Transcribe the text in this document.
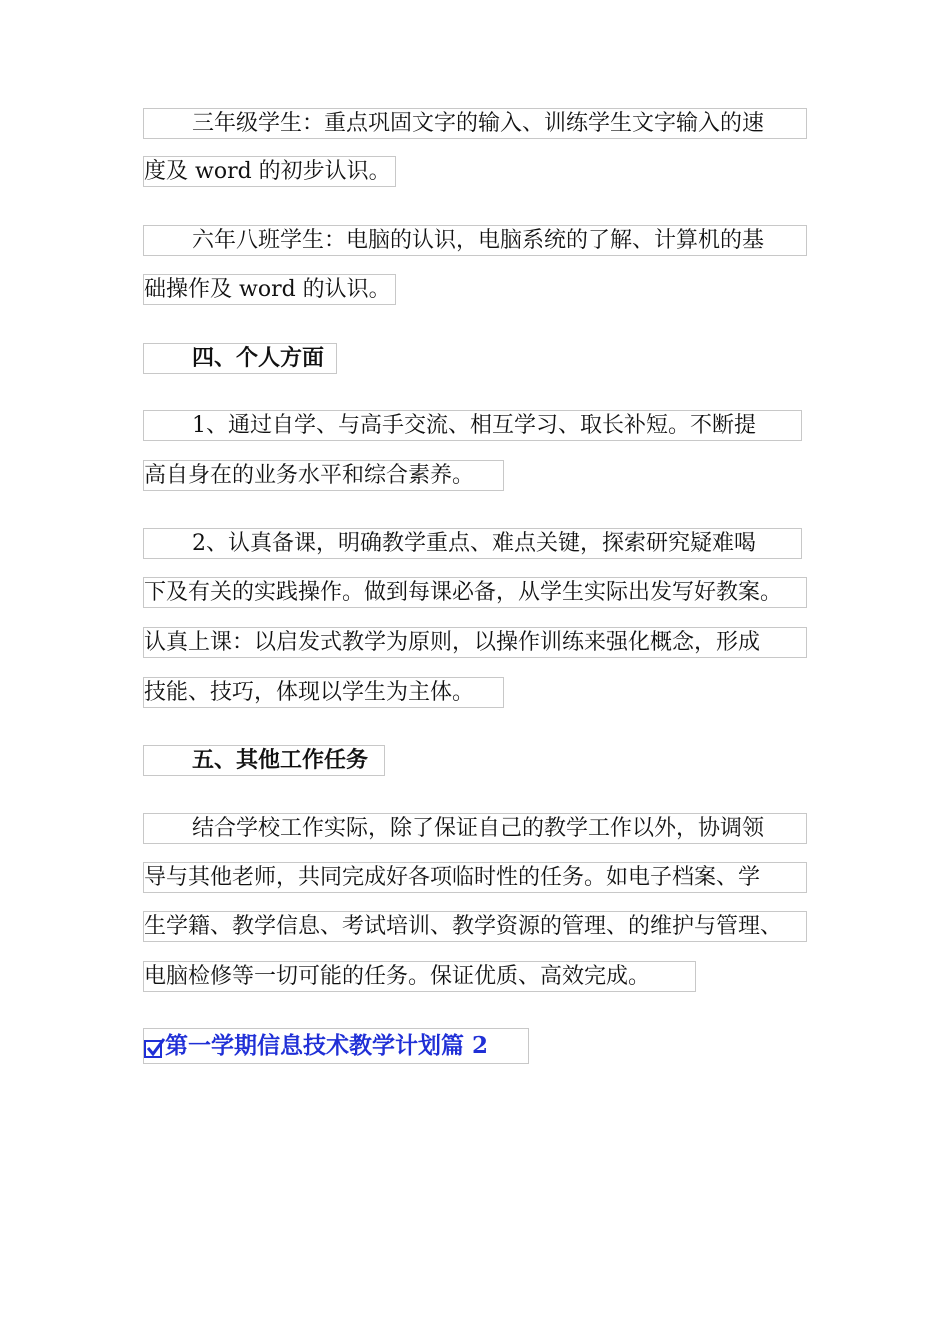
三年级学生：重点巩固文字的输入、训练学生文字输入的速
度及 word 的初步认识。
六年八班学生：电脑的认识，电脑系统的了解、计算机的基
础操作及 word 的认识。
四、个人方面
1、通过自学、与高手交流、相互学习、取长补短。不断提
高自身在的业务水平和综合素养。
2、认真备课，明确教学重点、难点关键，探索研究疑难喝
下及有关的实践操作。做到每课必备，从学生实际出发写好教案。
认真上课：以启发式教学为原则，以操作训练来强化概念，形成
技能、技巧，体现以学生为主体。
五、其他工作任务
结合学校工作实际，除了保证自己的教学工作以外，协调领
导与其他老师，共同完成好各项临时性的任务。如电子档案、学
生学籍、教学信息、考试培训、教学资源的管理、的维护与管理、
电脑检修等一切可能的任务。保证优质、高效完成。
第一学期信息技术教学计划篇 2
